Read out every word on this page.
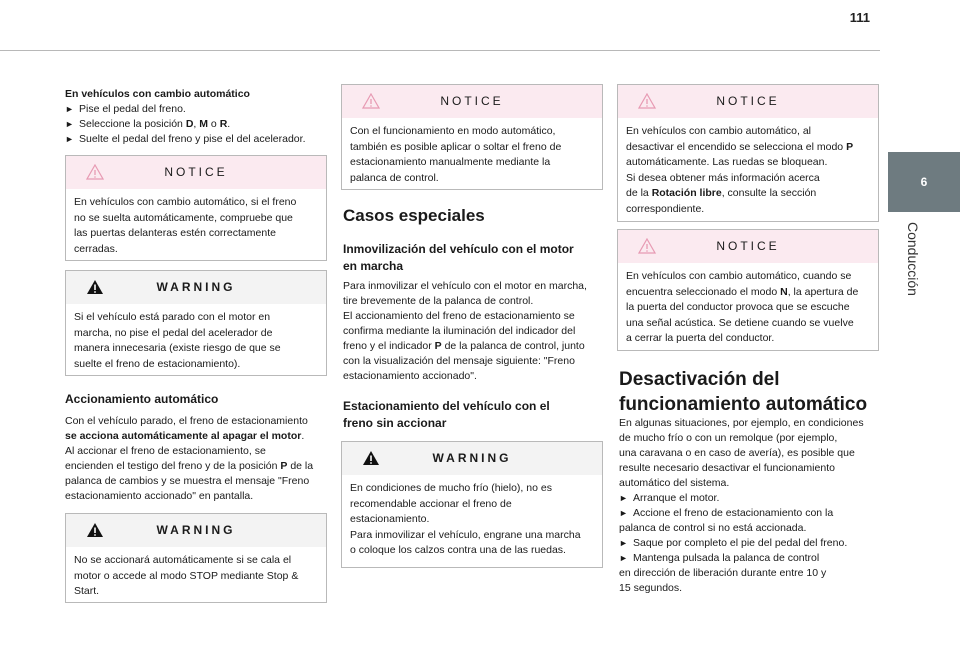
111
6
Conducción
En vehículos con cambio automático
► Pise el pedal del freno.
► Seleccione la posición D, M o R.
► Suelte el pedal del freno y pise el del acelerador.
NOTICE
En vehículos con cambio automático, si el freno
no se suelta automáticamente, compruebe que
las puertas delanteras estén correctamente
cerradas.
WARNING
Si el vehículo está parado con el motor en
marcha, no pise el pedal del acelerador de
manera innecesaria (existe riesgo de que se
suelte el freno de estacionamiento).
Accionamiento automático
Con el vehículo parado, el freno de estacionamiento
se acciona automáticamente al apagar el motor.
Al accionar el freno de estacionamiento, se
encienden el testigo del freno y de la posición P de la
palanca de cambios y se muestra el mensaje "Freno
estacionamiento accionado" en pantalla.
WARNING
No se accionará automáticamente si se cala el
motor o accede al modo STOP mediante Stop &
Start.
NOTICE
Con el funcionamiento en modo automático,
también es posible aplicar o soltar el freno de
estacionamiento manualmente mediante la
palanca de control.
Casos especiales
Inmovilización del vehículo con el motor
en marcha
Para inmovilizar el vehículo con el motor en marcha,
tire brevemente de la palanca de control.
El accionamiento del freno de estacionamiento se
confirma mediante la iluminación del indicador del
freno y el indicador P de la palanca de control, junto
con la visualización del mensaje siguiente: "Freno
estacionamiento accionado".
Estacionamiento del vehículo con el
freno sin accionar
WARNING
En condiciones de mucho frío (hielo), no es
recomendable accionar el freno de
estacionamiento.
Para inmovilizar el vehículo, engrane una marcha
o coloque los calzos contra una de las ruedas.
NOTICE
En vehículos con cambio automático, al
desactivar el encendido se selecciona el modo P
automáticamente. Las ruedas se bloquean.
Si desea obtener más información acerca
de la Rotación libre, consulte la sección
correspondiente.
NOTICE
En vehículos con cambio automático, cuando se
encuentra seleccionado el modo N, la apertura de
la puerta del conductor provoca que se escuche
una señal acústica. Se detiene cuando se vuelve
a cerrar la puerta del conductor.
Desactivación del
funcionamiento automático
En algunas situaciones, por ejemplo, en condiciones
de mucho frío o con un remolque (por ejemplo,
una caravana o en caso de avería), es posible que
resulte necesario desactivar el funcionamiento
automático del sistema.
► Arranque el motor.
► Accione el freno de estacionamiento con la
palanca de control si no está accionada.
► Saque por completo el pie del pedal del freno.
► Mantenga pulsada la palanca de control
en dirección de liberación durante entre 10 y
15 segundos.
